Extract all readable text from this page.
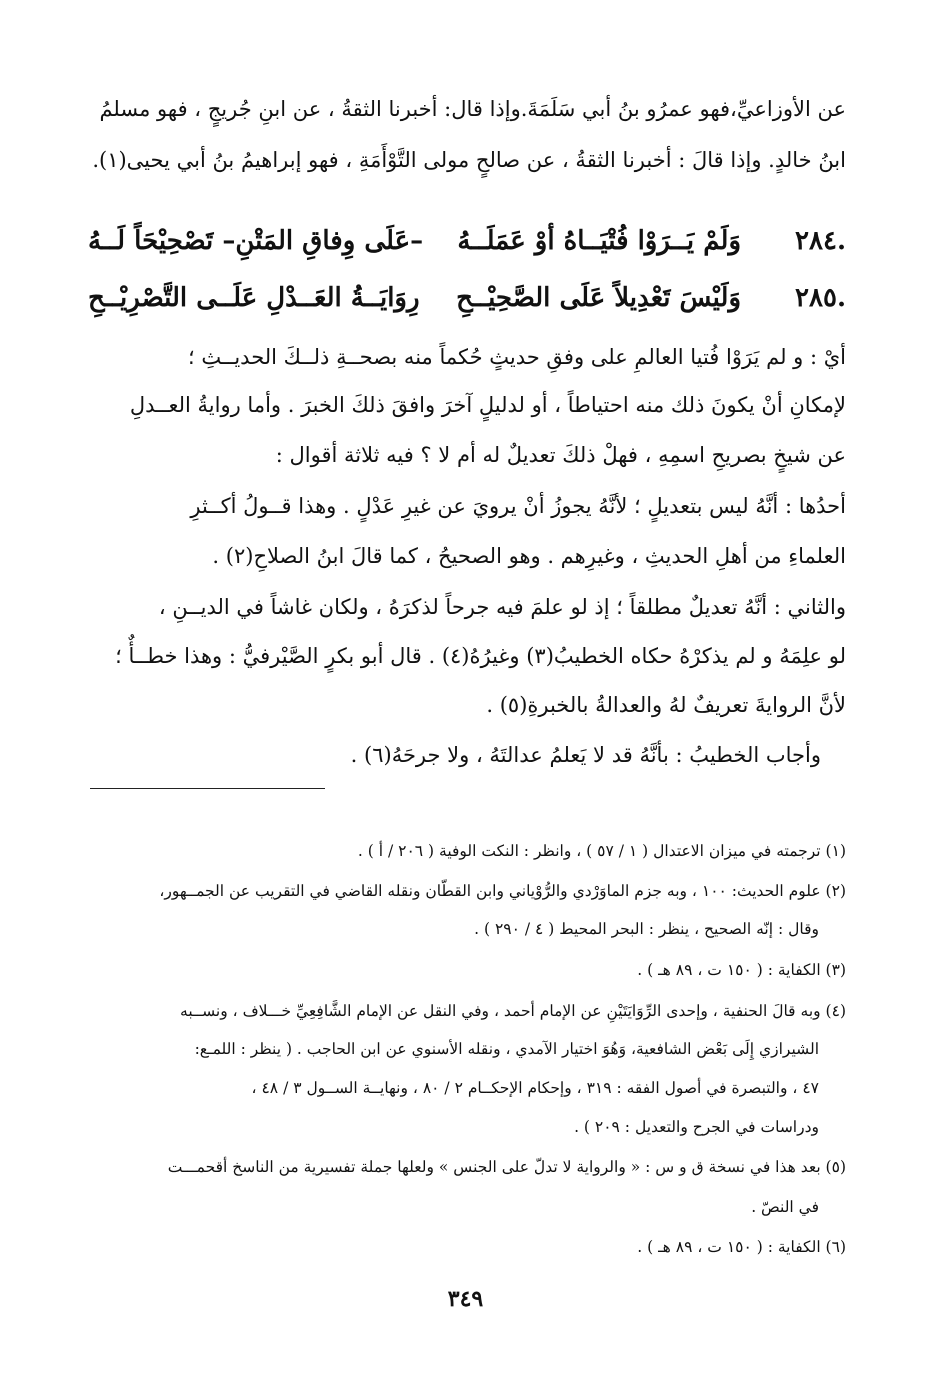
عن الأوزاعيِّ،فهو عمرُو بنُ أبي سَلَمَةَ.وإذا قال: أخبرنا الثقةُ ، عن ابنِ جُريجٍ ، فهو مسلمُ
ابنُ خالدٍ. وإذا قالَ : أخبرنا الثقةُ ، عن صالحٍ مولى التَّوْأَمَةِ ، فهو إبراهيمُ بنُ أبي يحيى(١).
٢٨٤.
وَلَمْ يَــرَوْا فُتْيَــاهُ أوْ عَمَلَــهُ
–عَلَى وِفاقِ المَتْنِ– تَصْحِيْحَاً لَــهُ
٢٨٥.
وَلَيْسَ تَعْدِيلاً عَلَى الصَّحِيْــحِ
رِوَايَــةُ العَــدْلِ عَلَــى التَّصْرِيْــحِ
أيْ : و لم يَرَوْا فُتيا العالمِ على وفقِ حديثٍ حُكماً منه بصحــةِ ذلــكَ الحديــثِ ؛
لإمكانِ أنْ يكونَ ذلك منه احتياطاً ، أو لدليلٍ آخرَ وافقَ ذلكَ الخبرَ . وأما روايةُ العــدلِ
عن شيخٍ بصريحِ اسمِهِ ، فهلْ ذلكَ تعديلٌ له أم لا ؟ فيه ثلاثة أقوال :
أحدُها : أنَّهُ ليس بتعديلٍ ؛ لأنَّهُ يجوزُ أنْ يرويَ عن غيرِ عَدْلٍ . وهذا قــولُ أكــثرِ
العلماءِ من أهلِ الحديثِ ، وغيرِهم . وهو الصحيحُ ، كما قالَ ابنُ الصلاحِ(٢) .
والثاني : أنَّهُ تعديلٌ مطلقاً ؛ إذ لو علمَ فيه جرحاً لذكرَهُ ، ولكان غاشاً في الديــنِ ،
لو علِمَهُ و لم يذكرْهُ حكاه الخطيبُ(٣) وغيرُهُ(٤) . قال أبو بكرٍ الصَّيْرفيُّ : وهذا خطــأٌ ؛
لأنَّ الروايةَ تعريفٌ لهُ والعدالةُ بالخبرةِ(٥) .
وأجاب الخطيبُ : بأنَّهُ قد لا يَعلمُ عدالتَهُ ، ولا جرحَهُ(٦) .
(١) ترجمته في ميزان الاعتدال ( ١ / ٥٧ ) ، وانظر : النكت الوفية ( ٢٠٦ / أ ) .
(٢) علوم الحديث: ١٠٠ ، وبه جزم الماوَرْدي والرُّوْياني وابن القطّان ونقله القاضي في التقريب عن الجمــهور،
وقال : إنّه الصحيح ، ينظر : البحر المحيط ( ٤ / ٢٩٠ ) .
(٣) الكفاية : ( ١٥٠ ت ، ٨٩ هـ ) .
(٤) وبه قالَ الحنفية ، وإحدى الرِّوَايَتَيْنِ عن الإمام أحمد ، وفي النقل عن الإمام الشَّافِعِيِّ خـــلاف ، ونســبه
الشيرازي إِلَى بَعْض الشافعية، وَهُوَ اختيار الآمدي ، ونقله الأسنوي عن ابن الحاجب . ( ينظر : اللمـع:
٤٧ ، والتبصرة في أصول الفقه : ٣١٩ ، وإحكام الإحكــام ٢ / ٨٠ ، ونهايــة الســول ٣ / ٤٨ ،
ودراسات في الجرح والتعديل : ٢٠٩ ) .
(٥) بعد هذا في نسخة ق و س : « والرواية لا تدلّ على الجنس » ولعلها جملة تفسيرية من الناسخ أقحمـــت
في النصّ .
(٦) الكفاية : ( ١٥٠ ت ، ٨٩ هـ ) .
٣٤٩
